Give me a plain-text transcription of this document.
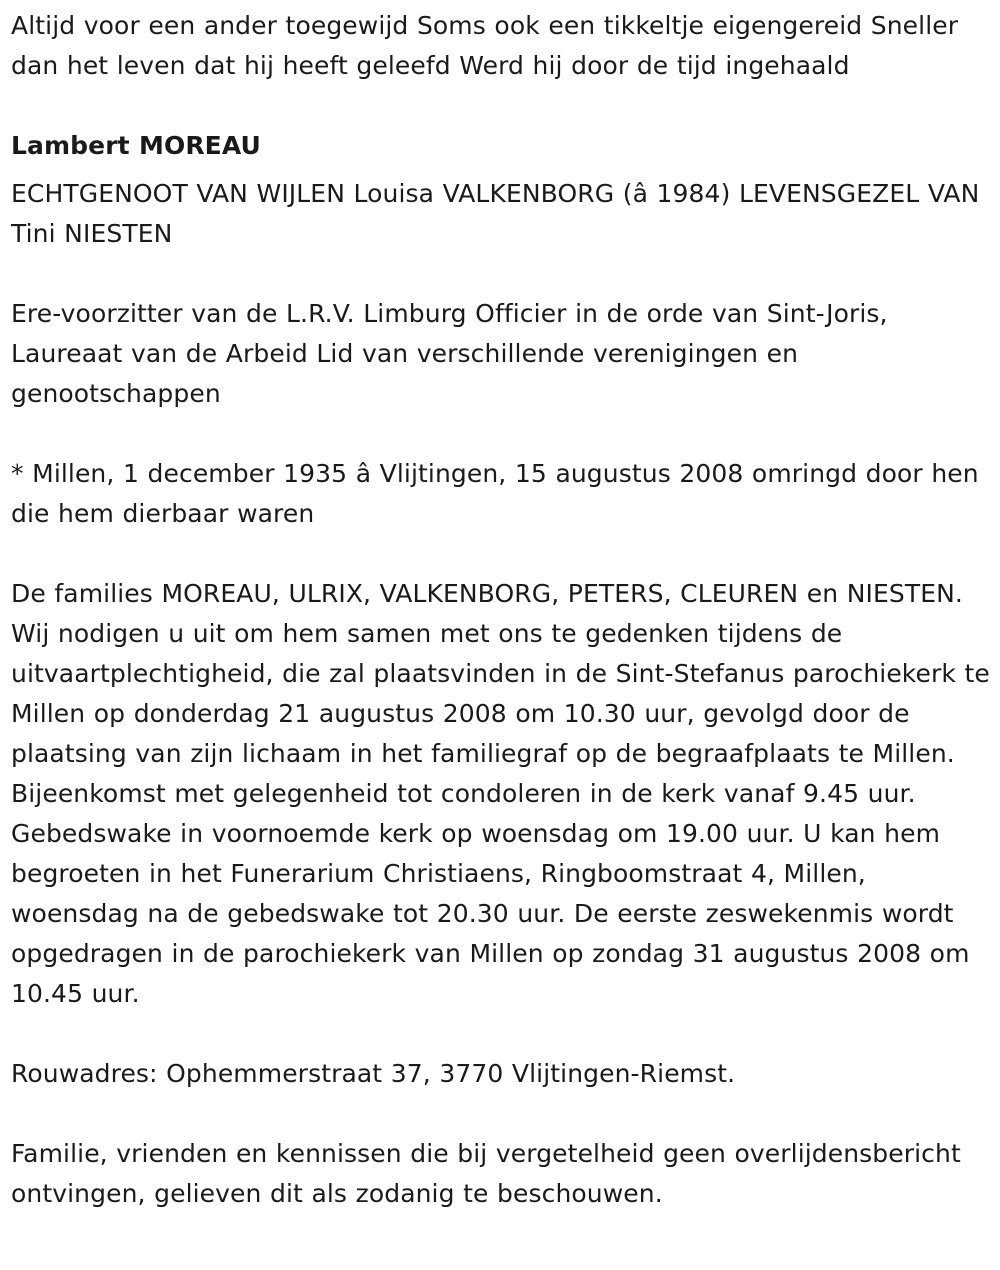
Altijd voor een ander toegewijd Soms ook een tikkeltje eigengereid Sneller dan het leven dat hij heeft geleefd Werd hij door de tijd ingehaald

Lambert MOREAU

ECHTGENOOT VAN WIJLEN Louisa VALKENBORG (â 1984) LEVENSGEZEL VAN Tini NIESTEN

Ere-voorzitter van de L.R.V. Limburg Officier in de orde van Sint-Joris, Laureaat van de Arbeid Lid van verschillende verenigingen en genootschappen

* Millen, 1 december 1935 â Vlijtingen, 15 augustus 2008 omringd door hen die hem dierbaar waren

De families MOREAU, ULRIX, VALKENBORG, PETERS, CLEUREN en NIESTEN. Wij nodigen u uit om hem samen met ons te gedenken tijdens de uitvaartplechtigheid, die zal plaatsvinden in de Sint-Stefanus parochiekerk te Millen op donderdag 21 augustus 2008 om 10.30 uur, gevolgd door de plaatsing van zijn lichaam in het familiegraf op de begraafplaats te Millen. Bijeenkomst met gelegenheid tot condoleren in de kerk vanaf 9.45 uur. Gebedswake in voornoemde kerk op woensdag om 19.00 uur. U kan hem begroeten in het Funerarium Christiaens, Ringboomstraat 4, Millen, woensdag na de gebedswake tot 20.30 uur. De eerste zeswekenmis wordt opgedragen in de parochiekerk van Millen op zondag 31 augustus 2008 om 10.45 uur.

Rouwadres: Ophemmerstraat 37, 3770 Vlijtingen-Riemst.

Familie, vrienden en kennissen die bij vergetelheid geen overlijdensbericht ontvingen, gelieven dit als zodanig te beschouwen.
